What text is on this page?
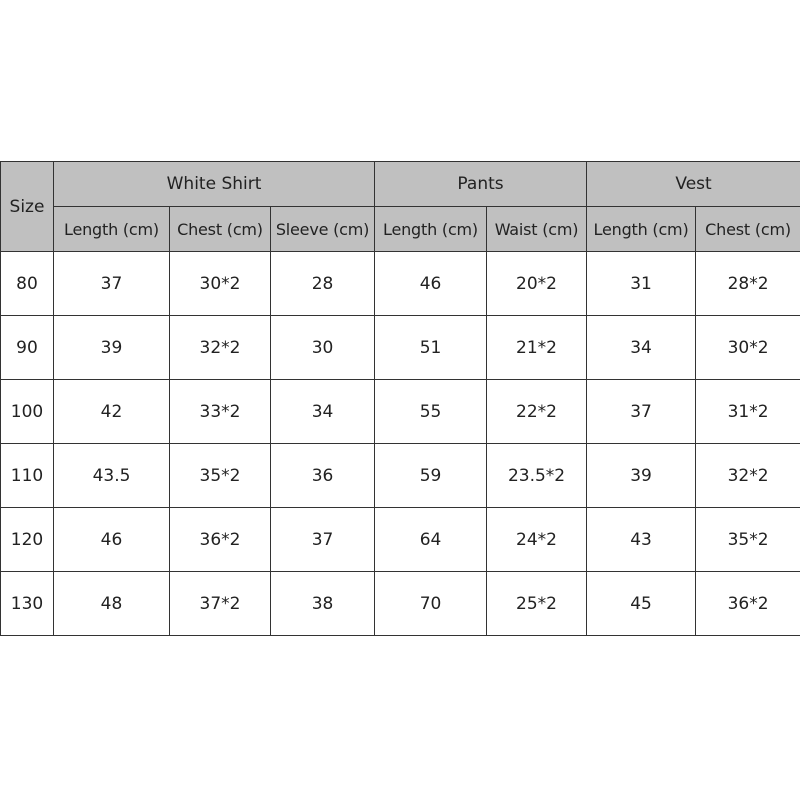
Size	White Shirt			Pants		Vest	
	Length (cm)	Chest (cm)	Sleeve (cm)	Length (cm)	Waist (cm)	Length (cm)	Chest (cm)
80	37	30*2	28	46	20*2	31	28*2
90	39	32*2	30	51	21*2	34	30*2
100	42	33*2	34	55	22*2	37	31*2
110	43.5	35*2	36	59	23.5*2	39	32*2
120	46	36*2	37	64	24*2	43	35*2
130	48	37*2	38	70	25*2	45	36*2
